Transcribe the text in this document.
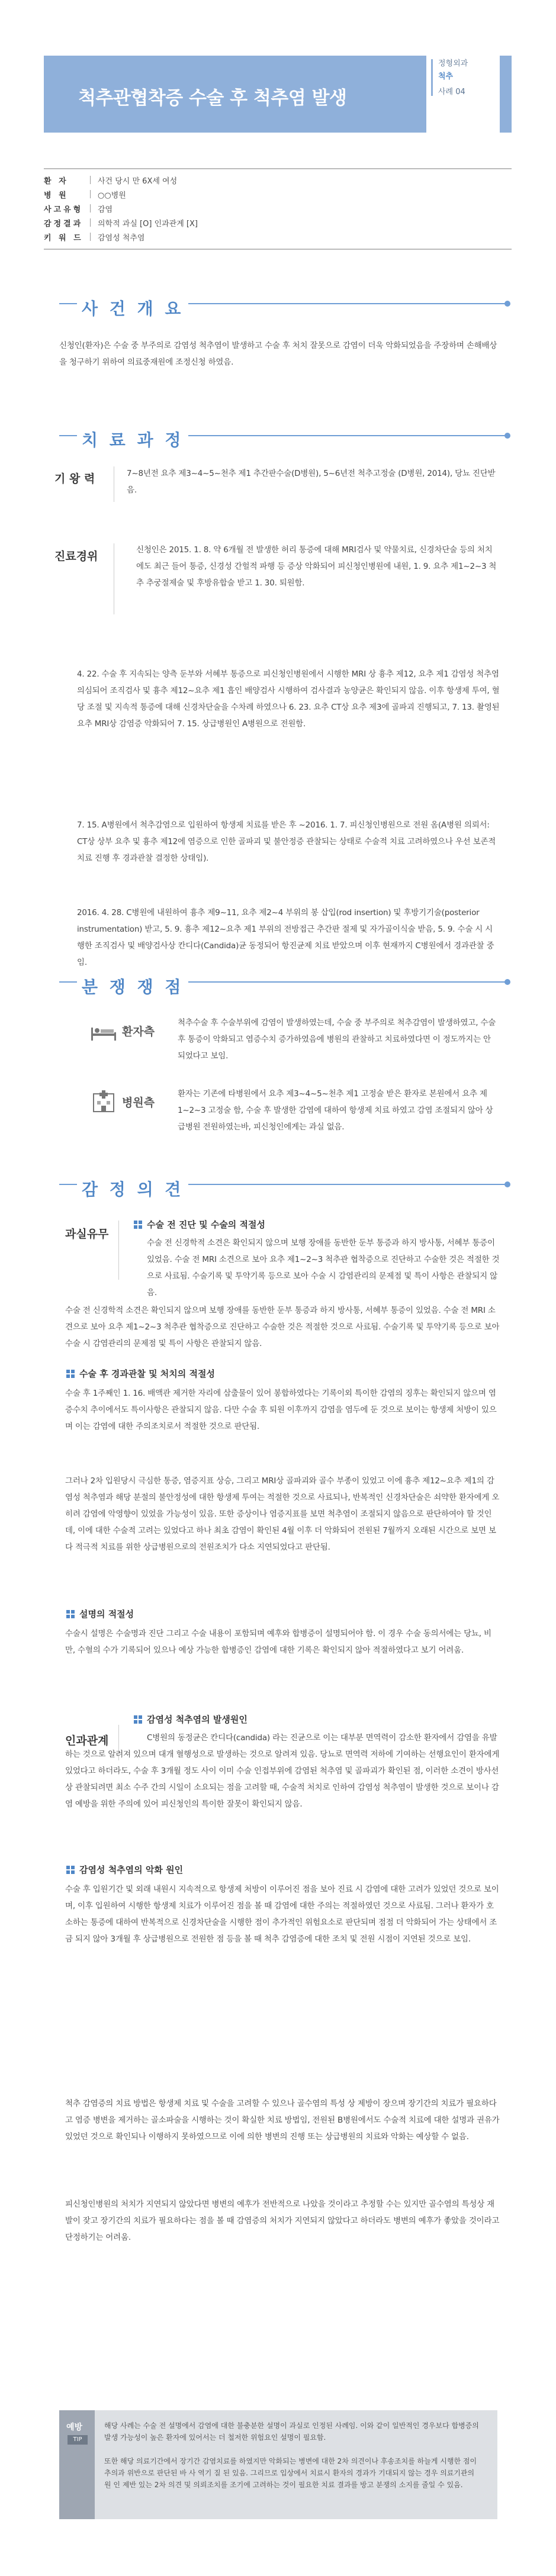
척추관협착증 수술 후 척추염 발생
정형외과
척추
사례 04
환 자	사건 당시 만 6X세 여성
병 원	○○병원
사고유형	감염
감정결과	의학적 과실 [O] 인과관계 [X]
키 워 드	감염성 척추염
사 건 개 요
신청인(환자)은 수술 중 부주의로 감염성 척추염이 발생하고 수술 후 처치 잘못으로 감염이 더욱 악화되었음을 주장하며 손해배상을 청구하기 위하여 의료중재원에 조정신청 하였음.
치 료 과 정
기 왕 력	7~8년전 요추 제3~4~5~천추 제1 추간판수술(D병원), 5~6년전 척추고정술 (D병원, 2014), 당뇨 진단받음.
진료경위	신청인은 2015. 1. 8. 약 6개월 전 발생한 허리 통증에 대해 MRI검사 및 약물치료, 신경차단술 등의 처치에도 최근 들어 통증, 신경성 간헐적 파행 등 증상 악화되어 피신청인병원에 내원, 1. 9. 요추 제1~2~3 척추 추궁절제술 및 후방유합술 받고 1. 30. 퇴원함.
4. 22. 수술 후 지속되는 양측 둔부와 서혜부 통증으로 피신청인병원에서 시행한 MRI 상 흉추 제12, 요추 제1 감염성 척추염 의심되어 조직검사 및 흉추 제12~요추 제1 흡인 배양검사 시행하여 검사결과 농양균은 확인되지 않음. 이후 항생제 투여, 혈당 조절 및 지속적 통증에 대해 신경차단술을 수차례 하였으나 6. 23. 요추 CT상 요추 제3에 골파괴 진행되고, 7. 13. 촬영된 요추 MRI상 감염증 악화되어 7. 15. 상급병원인 A병원으로 전원함.
7. 15. A병원에서 척추감염으로 입원하여 항생제 치료를 받은 후 ~2016. 1. 7. 피신청인병원으로 전원 옴(A병원 의뢰서: CT상 상부 요추 및 흉추 제12에 염증으로 인한 골파괴 및 불안정증 관찰되는 상태로 수술적 치료 고려하였으나 우선 보존적 치료 진행 후 경과관찰 결정한 상태임).
2016. 4. 28. C병원에 내원하여 흉추 제9~11, 요추 제2~4 부위의 봉 삽입(rod insertion) 및 후방기기술(posterior instrumentation) 받고, 5. 9. 흉추 제12~요추 제1 부위의 전방접근 추간판 절제 및 자가골이식술 받음, 5. 9. 수술 시 시행한 조직검사 및 배양검사상 칸디다(Candida)균 동정되어 항진균제 치료 받았으며 이후 현재까지 C병원에서 경과관찰 중임.
분 쟁 쟁 점
환자측
척추수술 후 수술부위에 감염이 발생하였는데, 수술 중 부주의로 척추감염이 발생하였고, 수술 후 통증이 악화되고 염증수치 증가하였음에 병원의 관찰하고 치료하였다면 이 정도까지는 안 되었다고 보임.
병원측
환자는 기존에 타병원에서 요추 제3~4~5~천추 제1 고정술 받은 환자로 본원에서 요추 제1~2~3 고정술 함, 수술 후 발생한 감염에 대하여 항생제 치료 하였고 감염 조절되지 않아 상급병원 전원하였는바, 피신청인에게는 과실 없음.
감 정 의 견
과실유무
수술 전 진단 및 수술의 적절성
수술 전 신경학적 소견은 확인되지 않으며 보행 장애를 동반한 둔부 통증과 하지 방사통, 서혜부 통증이 있었음. 수술 전 MRI 소견으로 보아 요추 제1~2~3 척추관 협착증으로 진단하고 수술한 것은 적절한 것으로 사료됨. 수술기록 및 투약기록 등으로 보아 수술 시 감염관리의 문제점 및 특이 사항은 관찰되지 않음.
수술 전 신경학적 소견은 확인되지 않으며 보행 장애를 동반한 둔부 통증과 하지 방사통, 서혜부 통증이 있었음. 수술 전 MRI 소견으로 보아 요추 제1~2~3 척추관 협착증으로 진단하고 수술한 것은 적절한 것으로 사료됨. 수술기록 및 투약기록 등으로 보아 수술 시 감염관리의 문제점 및 특이 사항은 관찰되지 않음.
수술 후 경과관찰 및 처치의 적절성
수술 후 1주째인 1. 16. 배액관 제거한 자리에 삼출물이 있어 봉합하였다는 기록이외 특이한 감염의 징후는 확인되지 않으며 염증수치 추이에서도 특이사항은 관찰되지 않음. 다만 수술 후 퇴원 이후까지 감염을 염두에 둔 것으로 보이는 항생제 처방이 있으며 이는 감염에 대한 주의조치로서 적절한 것으로 판단됨.
그러나 2차 입원당시 극심한 통증, 염증지표 상승, 그리고 MRI상 골파괴와 골수 부종이 있었고 이에 흉추 제12~요추 제1의 감염성 척추염과 해당 분절의 불안정성에 대한 항생제 투여는 적절한 것으로 사료되나, 반복적인 신경차단술은 쇠약한 환자에게 오히려 감염에 악영향이 있었을 가능성이 있음. 또한 증상이나 염증지표를 보면 척추염이 조절되지 않음으로 판단하여야 할 것인데, 이에 대한 수술적 고려는 있었다고 하나 최초 감염이 확인된 4월 이후 더 악화되어 전원된 7월까지 오래된 시간으로 보면 보다 적극적 치료를 위한 상급병원으로의 전원조치가 다소 지연되었다고 판단됨.
설명의 적절성
수술시 설명은 수술명과 진단 그리고 수술 내용이 포함되며 예후와 합병증이 설명되어야 함. 이 경우 수술 동의서에는 당뇨, 비만, 수혈의 수가 기록되어 있으나 예상 가능한 합병증인 감염에 대한 기록은 확인되지 않아 적절하였다고 보기 어려움.
인과관계
감염성 척추염의 발생원인
C병원의 동정균은 칸디다(candida) 라는 진균으로 이는 대부분 면역력이 감소한 환자에서 감염을 유발하는 것으로 알려져 있으며 대개 혈행성으로 발생하는 것으로 알려져 있음. 당뇨로 면역력 저하에 기여하는 선행요인이 환자에게 있었다고 하더라도, 수술 후 3개월 정도 사이 이미 수술 인접부위에 감염된 척추염 및 골파괴가 확인된 점, 이러한 소견이 방사선상 관찰되려면 최소 수주 간의 시일이 소요되는 점을 고려할 때, 수술적 처치로 인하여 감염성 척추염이 발생한 것으로 보이나 감염 예방을 위한 주의에 있어 피신청인의 특이한 잘못이 확인되지 않음.
감염성 척추염의 악화 원인
수술 후 입원기간 및 외래 내원시 지속적으로 항생제 처방이 이루어진 점을 보아 진료 시 감염에 대한 고려가 있었던 것으로 보이며, 이후 입원하여 시행한 항생제 치료가 이루어진 점을 볼 때 감염에 대한 주의는 적절하였던 것으로 사료됨. 그러나 환자가 호소하는 통증에 대하여 반복적으로 신경차단술을 시행한 점이 추가적인 위험요소로 판단되며 점점 더 악화되어 가는 상태에서 조금 되지 않아 3개월 후 상급병원으로 전원한 점 등을 볼 때 척추 감염증에 대한 조치 및 전원 시점이 지연된 것으로 보임.
척추 감염증의 치료 방법은 항생제 치료 및 수술을 고려할 수 있으나 골수염의 특성 상 제방이 장으며 장기간의 치료가 필요하다고 염증 병변을 제거하는 골소파술을 시행하는 것이 확실한 치료 방법임, 전원된 B병원에서도 수술적 치료에 대한 설명과 권유가 있었던 것으로 확인되나 이행하지 못하였으므로 이에 의한 병변의 진행 또는 상급병원의 치료와 악화는 예상할 수 없음.
피신청인병원의 처치가 지연되지 않았다면 병변의 예후가 전반적으로 나았을 것이라고 추정할 수는 있지만 골수염의 특성상 재발이 잦고 장기간의 치료가 필요하다는 점을 볼 때 감염증의 처치가 지연되지 않았다고 하더라도 병변의 예후가 좋았을 것이라고 단정하기는 어려움.
예방
TIP
해당 사례는 수술 전 설명에서 감염에 대한 불충분한 설명이 과실로 인정된 사례임. 이와 같이 일반적인 경우보다 합병증의 발생 가능성이 높은 환자에 있어서는 더 철저한 위험요인 설명이 필요함.
또한 해당 의료기간에서 장기간 감염치료를 하였지만 악화되는 병변에 대한 2차 의견이나 후송조치를 하늘게 시행한 점이 추의과 위반으로 판단된 바 사 역기 질 된 있음. 그리므로 입상에서 치료시 환자의 경과가 기대되지 않는 경우 의료기관의 원 인 제반 있는 2차 의견 및 의뢰조치를 조기에 고려하는 것이 필요한 치료 결과를 방고 분쟁의 소지를 줄일 수 있음.
